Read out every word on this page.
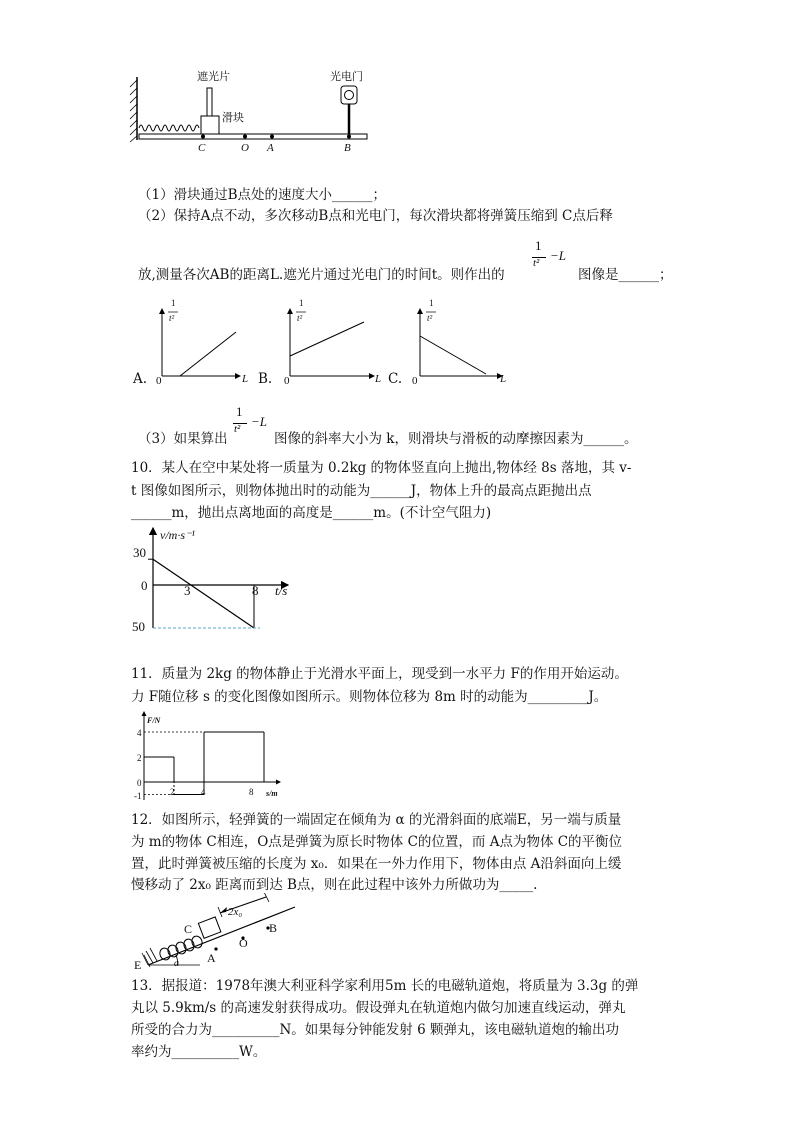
遮光片	光电门
滑块
C	O A	B
（1）滑块通过B点处的速度大小______；
（2）保持A点不动，多次移动B点和光电门，每次滑块都将弹簧压缩到 C点后释
1
t² −L
放,测量各次AB的距离L.遮光片通过光电门的时间t。则作出的	图像是______；
1
t²
1
t²
1
t²
A. 0	L B. 0	L C. 0	L
1
t² −L
（3）如果算出	图像的斜率大小为 k，则滑块与滑板的动摩擦因素为______。
10．某人在空中某处将一质量为 0.2kg 的物体竖直向上抛出,物体经 8s 落地，其 v-
t 图像如图所示，则物体抛出时的动能为______J，物体上升的最高点距抛出点
______m，抛出点离地面的高度是______m。(不计空气阻力)
v/m·s⁻¹
t/s
30
0
50
3	8
11．质量为 2kg 的物体静止于光滑水平面上，现受到一水平力 F的作用开始运动。
力 F随位移 s 的变化图像如图所示。则物体位移为 8m 时的动能为_________J。
F/N
s/m
4
2
0
-1	2	4	8
12．如图所示，轻弹簧的一端固定在倾角为 α 的光滑斜面的底端E，另一端与质量
为 m的物体 C相连，O点是弹簧为原长时物体 C的位置，而 A点为物体 C的平衡位
置，此时弹簧被压缩的长度为 x₀．如果在一外力作用下，物体由点 A沿斜面向上缓
慢移动了 2x₀ 距离而到达 B点，则在此过程中该外力所做功为_____.
C
2x₀
O
B
A
E	α
13．据报道：1978年澳大利亚科学家利用5m 长的电磁轨道炮，将质量为 3.3g 的弹
丸以 5.9km/s 的高速发射获得成功。假设弹丸在轨道炮内做匀加速直线运动，弹丸
所受的合力为__________N。如果每分钟能发射 6 颗弹丸，该电磁轨道炮的输出功
率约为__________W。
